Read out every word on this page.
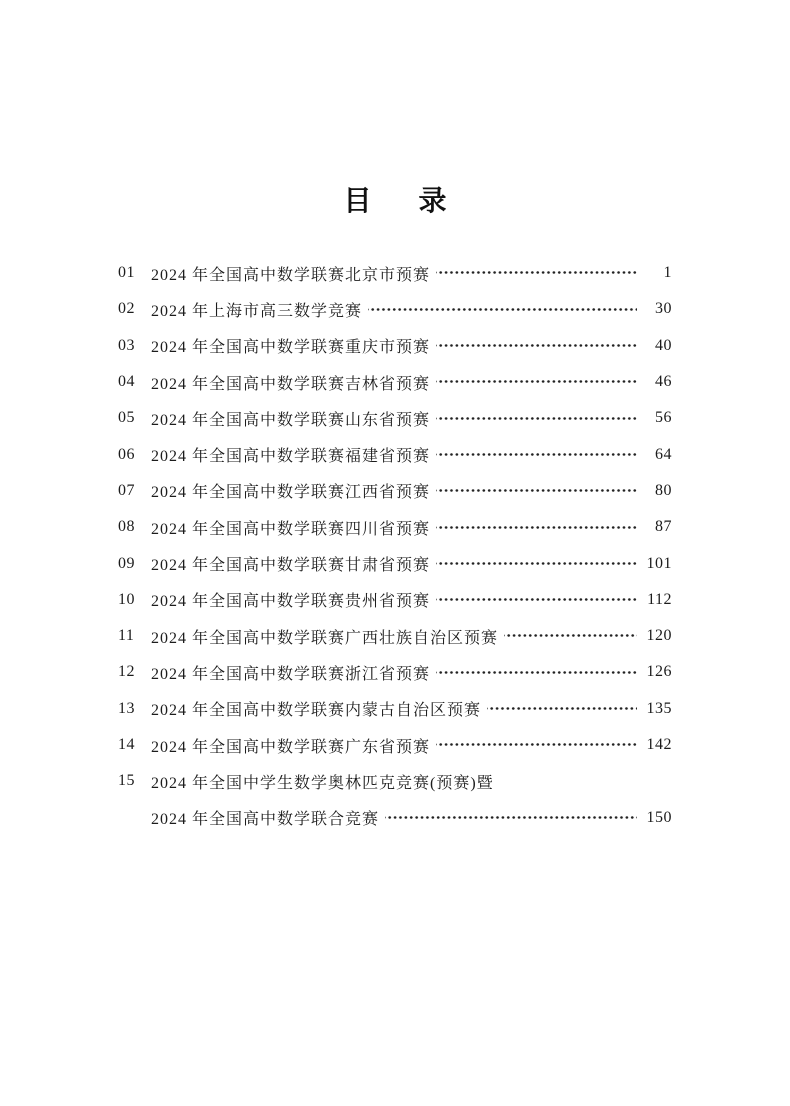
目 录
01	2024 年全国高中数学联赛北京市预赛	1
02	2024 年上海市高三数学竞赛	30
03	2024 年全国高中数学联赛重庆市预赛	40
04	2024 年全国高中数学联赛吉林省预赛	46
05	2024 年全国高中数学联赛山东省预赛	56
06	2024 年全国高中数学联赛福建省预赛	64
07	2024 年全国高中数学联赛江西省预赛	80
08	2024 年全国高中数学联赛四川省预赛	87
09	2024 年全国高中数学联赛甘肃省预赛	101
10	2024 年全国高中数学联赛贵州省预赛	112
11	2024 年全国高中数学联赛广西壮族自治区预赛	120
12	2024 年全国高中数学联赛浙江省预赛	126
13	2024 年全国高中数学联赛内蒙古自治区预赛	135
14	2024 年全国高中数学联赛广东省预赛	142
15	2024 年全国中学生数学奥林匹克竞赛(预赛)暨
2024 年全国高中数学联合竞赛	150
